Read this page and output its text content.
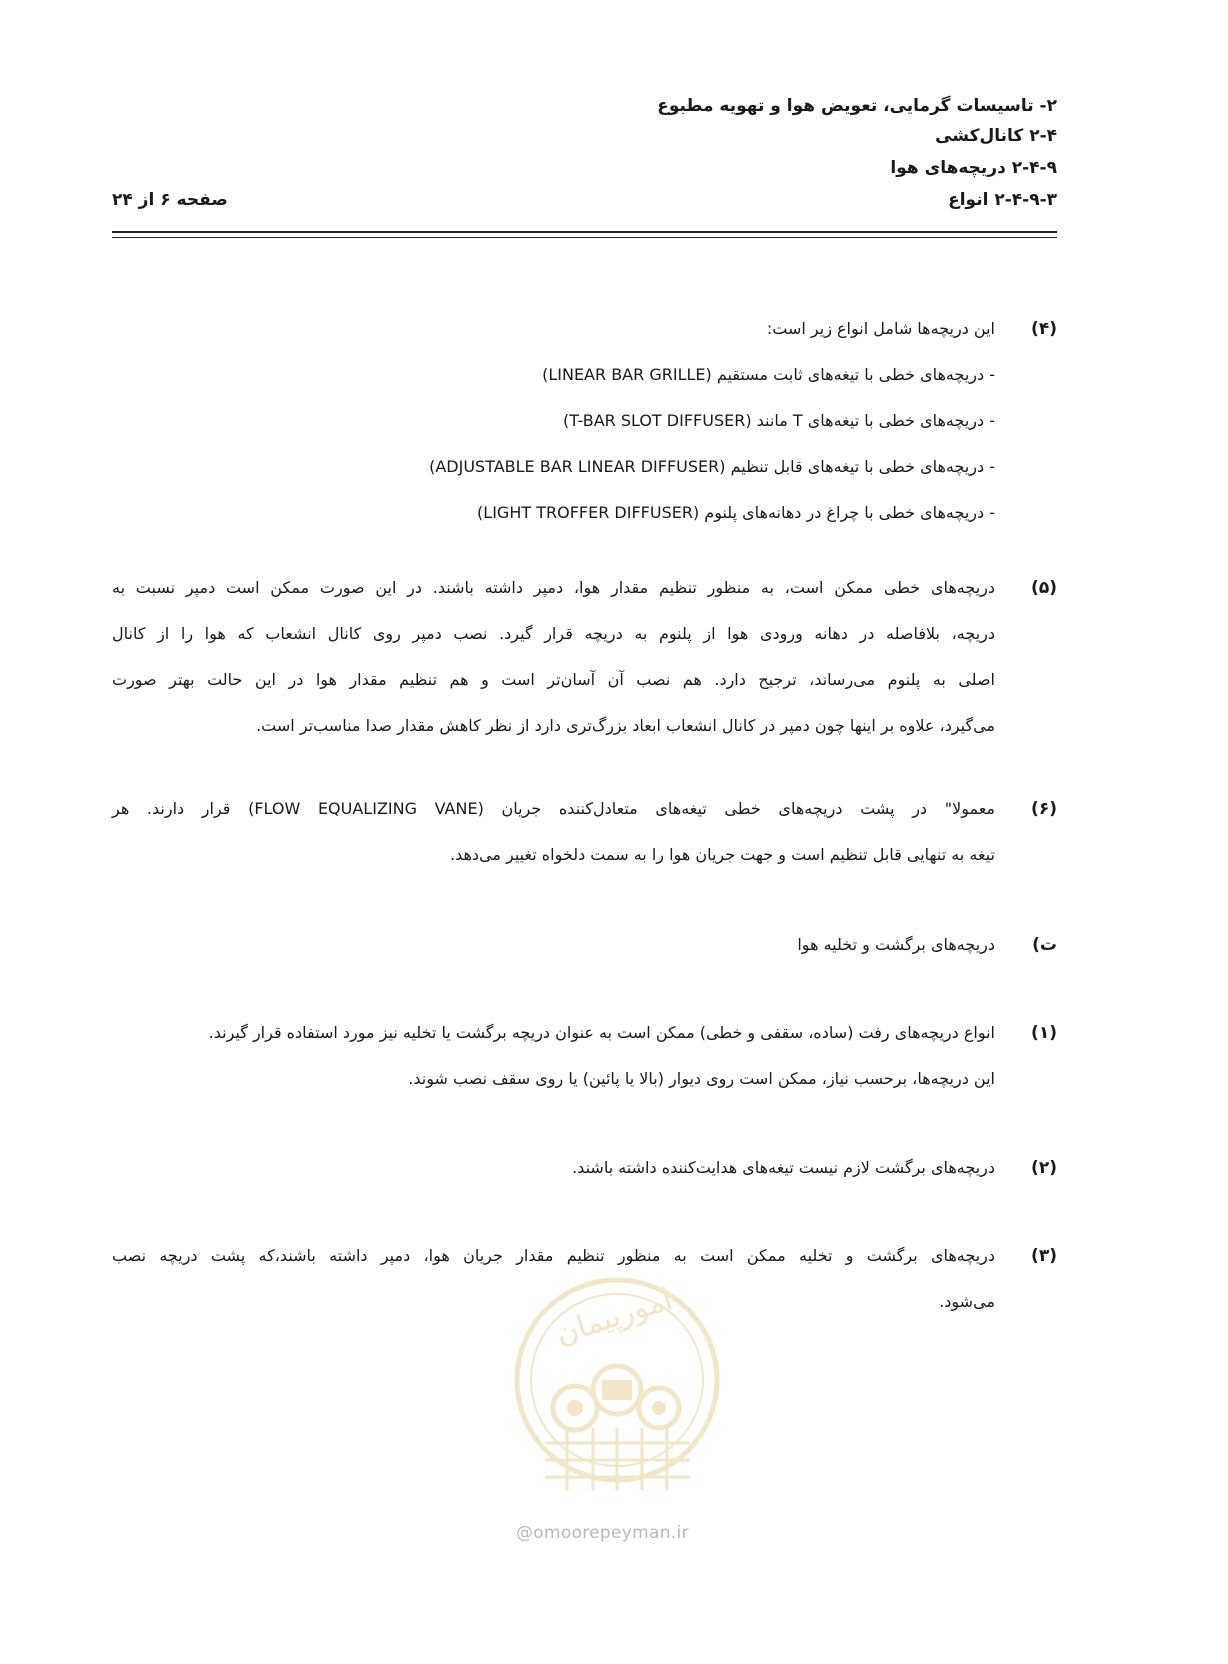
۲- تاسیسات گرمایی، تعویض هوا و تهویه مطبوع
۲-۴ کانال‌کشی
۲-۴-۹ دریچه‌های هوا
۲-۴-۹-۳ انواع
صفحه ۶ از ۲۴
(۴)
این دریچه‌ها شامل انواع زیر است:
- دریچه‌های خطی با تیغه‌های ثابت مستقیم (LINEAR BAR GRILLE)
- دریچه‌های خطی با تیغه‌های T مانند (T-BAR SLOT DIFFUSER)
- دریچه‌های خطی با تیغه‌های قابل تنظیم (ADJUSTABLE BAR LINEAR DIFFUSER)
- دریچه‌های خطی با چراغ در دهانه‌های پلنوم (LIGHT TROFFER DIFFUSER)
(۵)
دریچه‌های خطی ممکن است، به منظور تنظیم مقدار هوا، دمپر داشته باشند. در این صورت ممکن است دمپر نسبت به
دریچه، بلافاصله در دهانه ورودی هوا از پلنوم به دریچه قرار گیرد. نصب دمپر روی کانال انشعاب که هوا را از کانال
اصلی به پلنوم می‌رساند، ترجیح دارد. هم نصب آن آسان‌تر است و هم تنظیم مقدار هوا در این حالت بهتر صورت
می‌گیرد، علاوه بر اینها چون دمپر در کانال انشعاب ابعاد بزرگ‌تری دارد از نظر کاهش مقدار صدا مناسب‌تر است.
(۶)
معمولا" در پشت دریچه‌های خطی تیغه‌های متعادل‌کننده جریان (FLOW EQUALIZING VANE) قرار دارند. هر
تیغه به تنهایی قابل تنظیم است و جهت جریان هوا را به سمت دلخواه تغییر می‌دهد.
ت)
دریچه‌های برگشت و تخلیه هوا
(۱)
انواع دریچه‌های رفت (ساده، سقفی و خطی) ممکن است به عنوان دریچه برگشت یا تخلیه نیز مورد استفاده قرار گیرند.
این دریچه‌ها، برحسب نیاز، ممکن است روی دیوار (بالا یا پائین) یا روی سقف نصب شوند.
(۲)
دریچه‌های برگشت لازم نیست تیغه‌های هدایت‌کننده داشته باشند.
(۳)
دریچه‌های برگشت و تخلیه ممکن است به منظور تنظیم مقدار جریان هوا، دمپر داشته باشند،که پشت دریچه نصب
می‌شود.
امورپیمان
@omoorepeyman.ir
